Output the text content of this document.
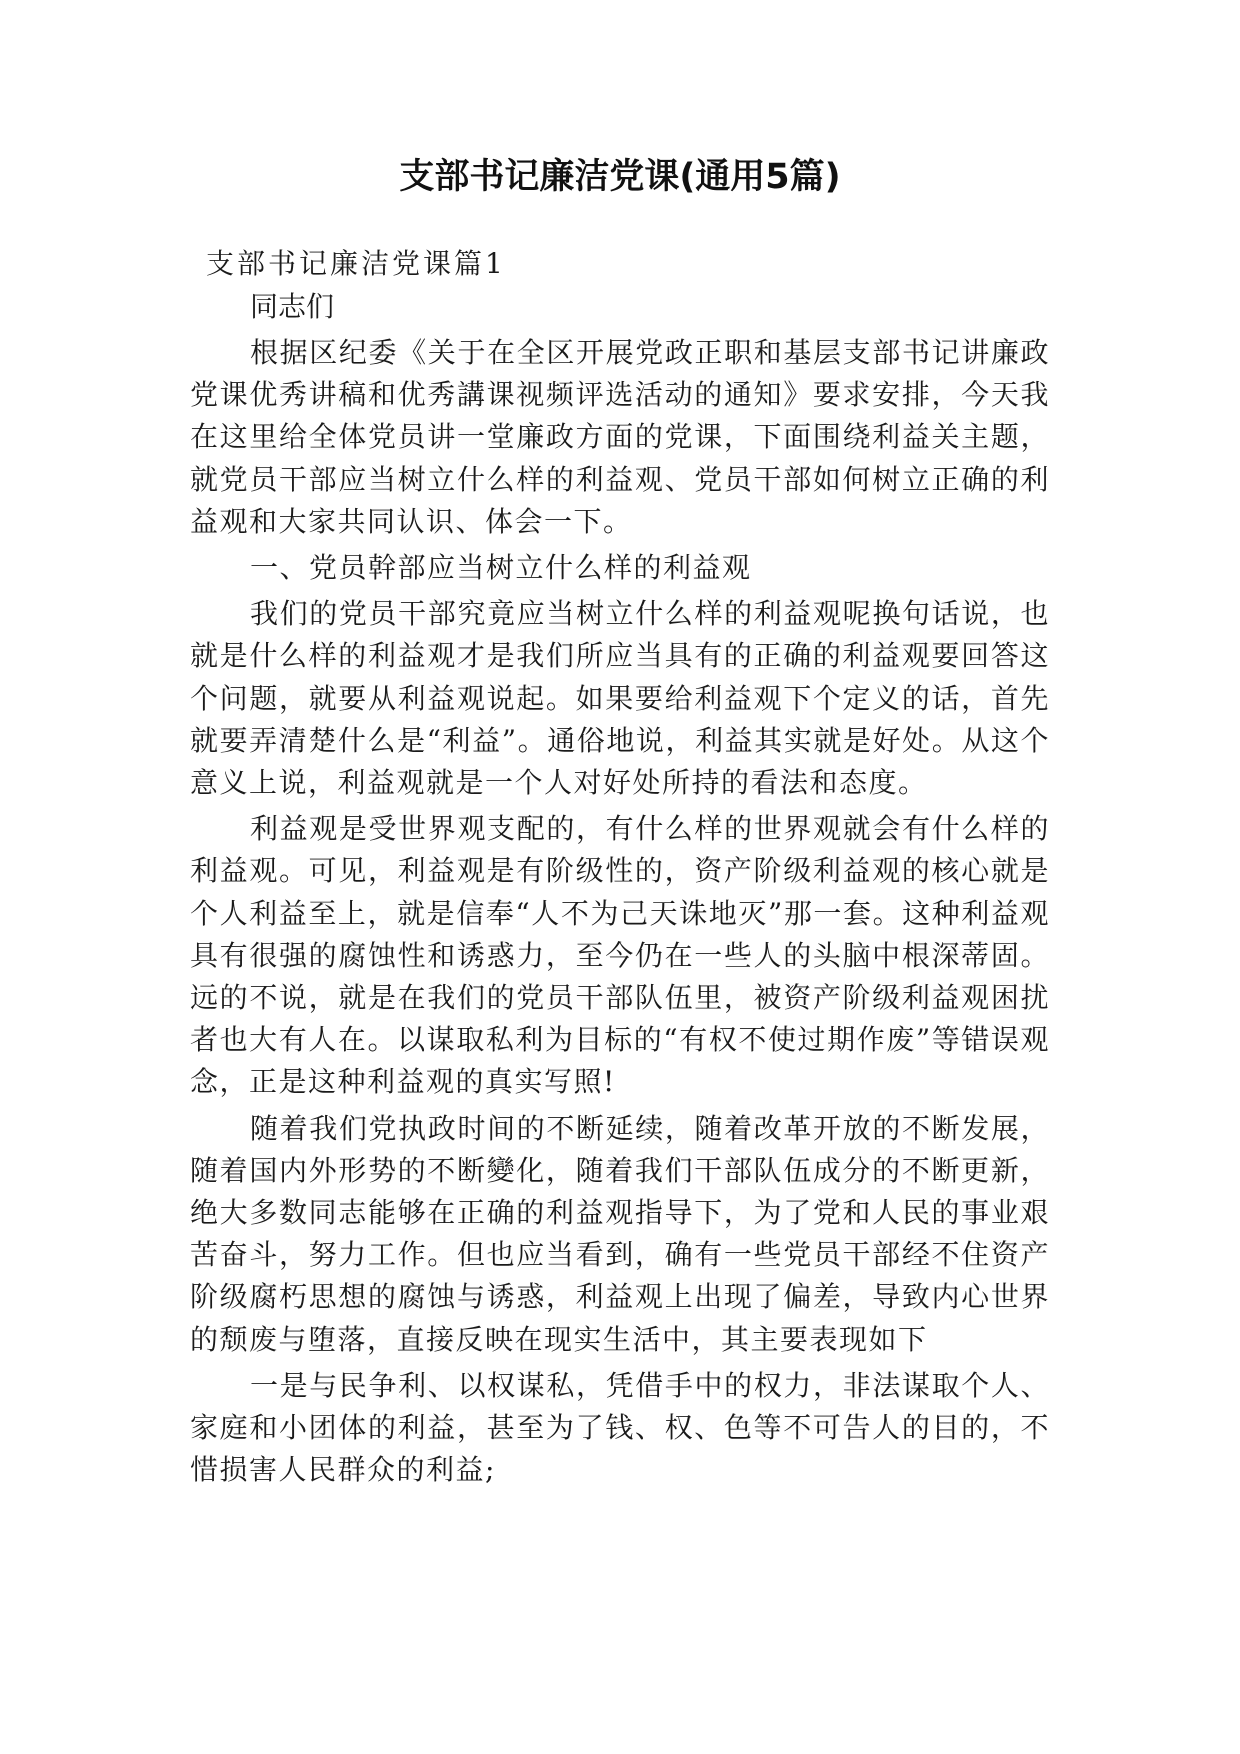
支部书记廉洁党课(通用5篇)

支部书记廉洁党课篇1

同志们

根据区纪委《关于在全区开展党政正职和基层支部书记讲廉政党课优秀讲稿和优秀講课视频评选活动的通知》要求安排，今天我在这里给全体党员讲一堂廉政方面的党课，下面围绕利益关主题，就党员干部应当树立什么样的利益观、党员干部如何树立正确的利益观和大家共同认识、体会一下。

一、党员幹部应当树立什么样的利益观

我们的党员干部究竟应当树立什么样的利益观呢换句话说，也就是什么样的利益观才是我们所应当具有的正确的利益观要回答这个问题，就要从利益观说起。如果要给利益观下个定义的话，首先就要弄清楚什么是“利益”。通俗地说，利益其实就是好处。从这个意义上说，利益观就是一个人对好处所持的看法和态度。

利益观是受世界观支配的，有什么样的世界观就会有什么样的利益观。可见，利益观是有阶级性的，资产阶级利益观的核心就是个人利益至上，就是信奉“人不为己天诛地灭”那一套。这种利益观具有很强的腐蚀性和诱惑力，至今仍在一些人的头脑中根深蒂固。远的不说，就是在我们的党员干部队伍里，被资产阶级利益观困扰者也大有人在。以谋取私利为目标的“有权不使过期作废”等错误观念，正是这种利益观的真实写照!

随着我们党执政时间的不断延续，随着改革开放的不断发展，随着国内外形势的不断變化，随着我们干部队伍成分的不断更新，绝大多数同志能够在正确的利益观指导下，为了党和人民的事业艰苦奋斗，努力工作。但也应当看到，确有一些党员干部经不住资产阶级腐朽思想的腐蚀与诱惑，利益观上出现了偏差，导致内心世界的颓废与堕落，直接反映在现实生活中，其主要表现如下

一是与民争利、以权谋私，凭借手中的权力，非法谋取个人、家庭和小团体的利益，甚至为了钱、权、色等不可告人的目的，不惜损害人民群众的利益;
